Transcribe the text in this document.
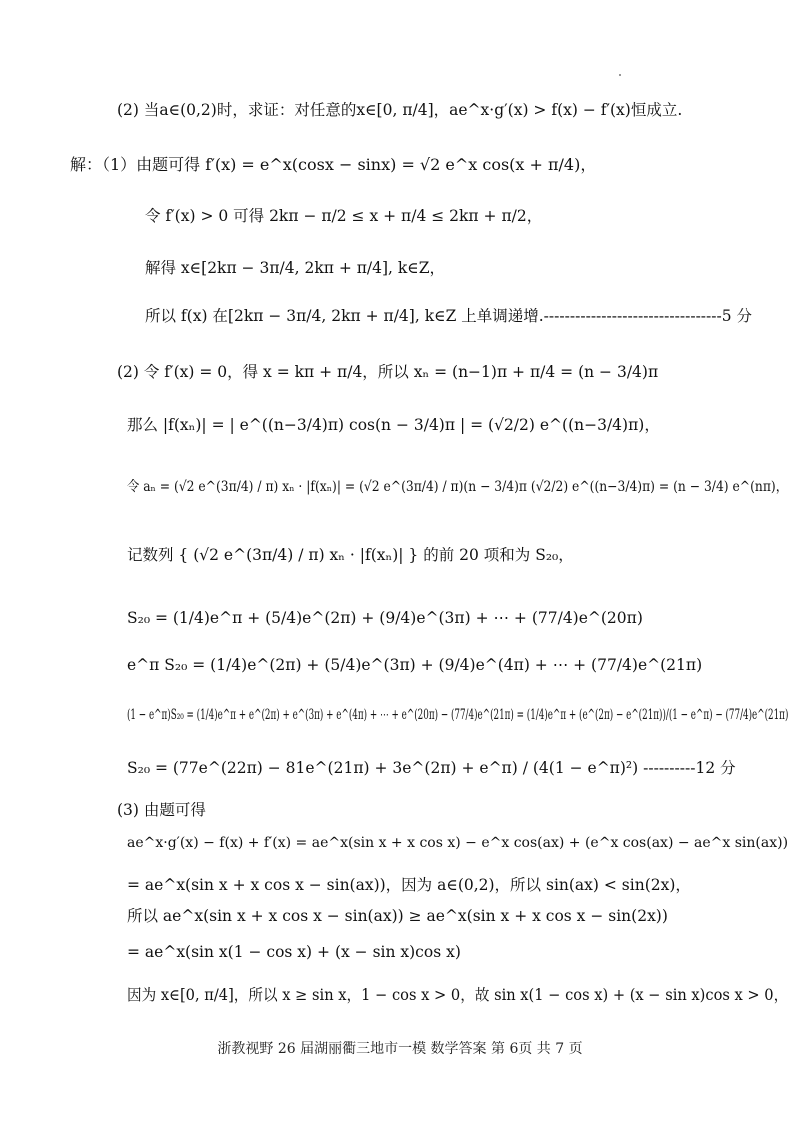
(2) 当a∈(0,2)时，求证：对任意的x∈[0, π/4]，ae^x·g′(x) > f(x) − f′(x)恒成立.
解：（1）由题可得 f′(x) = e^x(cosx − sinx) = √2 e^x cos(x + π/4)，
令 f′(x) > 0 可得 2kπ − π/2 ≤ x + π/4 ≤ 2kπ + π/2，
解得 x∈[2kπ − 3π/4, 2kπ + π/4], k∈Z，
所以 f(x) 在[2kπ − 3π/4, 2kπ + π/4], k∈Z 上单调递增.----------------------------------5 分
(2) 令 f′(x) = 0，得 x = kπ + π/4，所以 xₙ = (n−1)π + π/4 = (n − 3/4)π
那么 |f(xₙ)| = | e^((n−3/4)π) cos(n − 3/4)π | = (√2/2) e^((n−3/4)π)，
令 aₙ = (√2 e^(3π/4) / π) xₙ · |f(xₙ)| = (√2 e^(3π/4) / π)(n − 3/4)π (√2/2) e^((n−3/4)π) = (n − 3/4) e^(nπ)，
记数列 { (√2 e^(3π/4) / π) xₙ · |f(xₙ)| } 的前 20 项和为 S₂₀，
S₂₀ = (1/4)e^π + (5/4)e^(2π) + (9/4)e^(3π) + ⋯ + (77/4)e^(20π)
e^π S₂₀ = (1/4)e^(2π) + (5/4)e^(3π) + (9/4)e^(4π) + ⋯ + (77/4)e^(21π)
(1 − e^π)S₂₀ = (1/4)e^π + e^(2π) + e^(3π) + e^(4π) + ⋯ + e^(20π) − (77/4)e^(21π) = (1/4)e^π + (e^(2π) − e^(21π))/(1 − e^π) − (77/4)e^(21π)
S₂₀ = (77e^(22π) − 81e^(21π) + 3e^(2π) + e^π) / (4(1 − e^π)²) ----------12 分
(3) 由题可得
ae^x·g′(x) − f(x) + f′(x) = ae^x(sin x + x cos x) − e^x cos(ax) + (e^x cos(ax) − ae^x sin(ax))
= ae^x(sin x + x cos x − sin(ax))，因为 a∈(0,2)，所以 sin(ax) < sin(2x)，
所以 ae^x(sin x + x cos x − sin(ax)) ≥ ae^x(sin x + x cos x − sin(2x))
= ae^x(sin x(1 − cos x) + (x − sin x)cos x)
因为 x∈[0, π/4]，所以 x ≥ sin x，1 − cos x > 0，故 sin x(1 − cos x) + (x − sin x)cos x > 0，
浙教视野 26 届湖丽衢三地市一模 数学答案 第 6页 共 7 页
